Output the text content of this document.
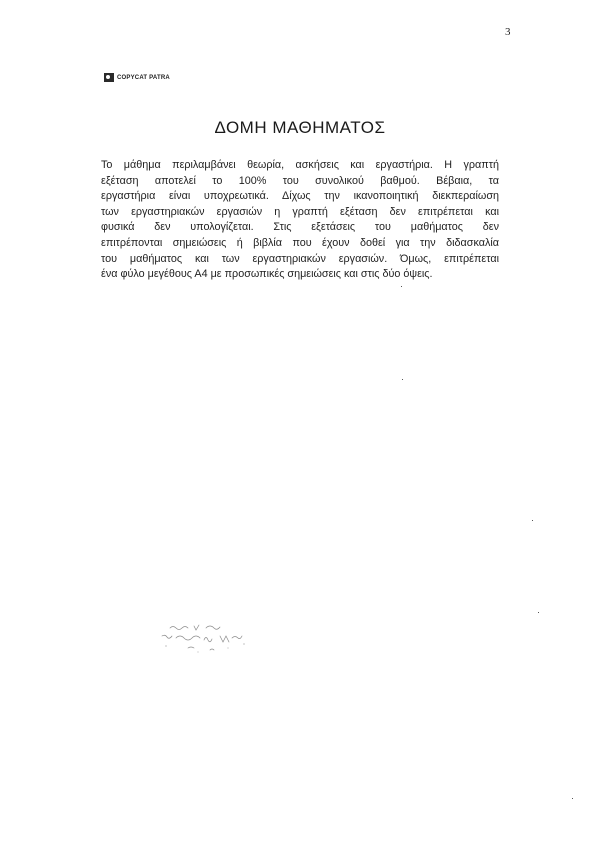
3
COPYCAT PATRA
ΔΟΜΗ ΜΑΘΗΜΑΤΟΣ
Το μάθημα περιλαμβάνει θεωρία, ασκήσεις και εργαστήρια. Η γραπτή
εξέταση αποτελεί το 100% του συνολικού βαθμού. Βέβαια, τα
εργαστήρια είναι υποχρεωτικά. Δίχως την ικανοποιητική διεκπεραίωση
των εργαστηριακών εργασιών η γραπτή εξέταση δεν επιτρέπεται και
φυσικά δεν υπολογίζεται. Στις εξετάσεις του μαθήματος δεν
επιτρέπονται σημειώσεις ή βιβλία που έχουν δοθεί για την διδασκαλία
του μαθήματος και των εργαστηριακών εργασιών. Όμως, επιτρέπεται
ένα φύλο μεγέθους Α4 με προσωπικές σημειώσεις και στις δύο όψεις.
